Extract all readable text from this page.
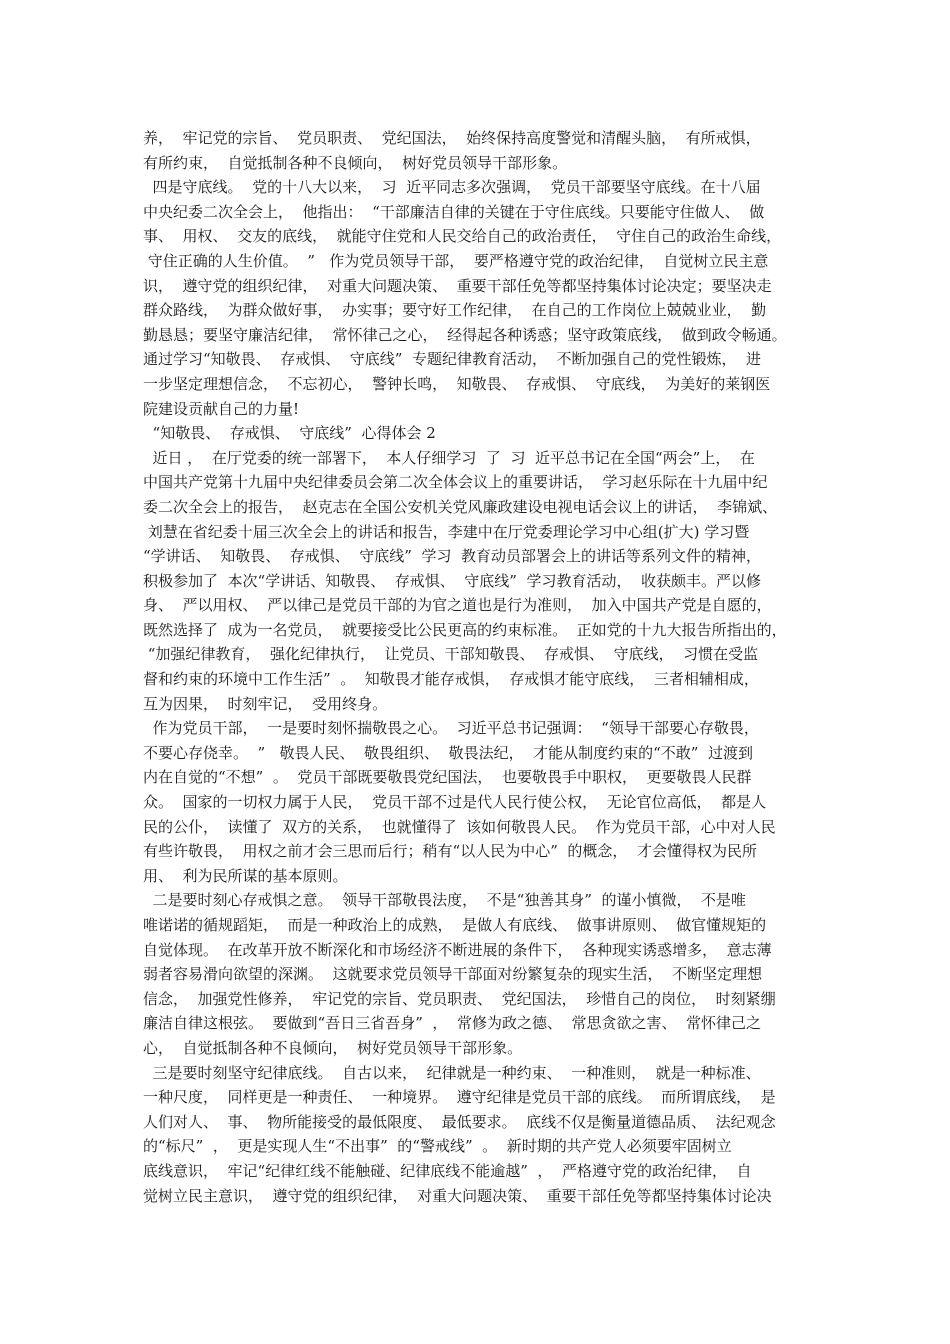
养，  牢记党的宗旨、  党员职责、  党纪国法，  始终保持高度警觉和清醒头脑，  有所戒惧，
有所约束，  自觉抵制各种不良倾向，  树好党员领导干部形象。
四是守底线。  党的十八大以来，  习  近平同志多次强调，  党员干部要坚守底线。在十八届
中央纪委二次全会上，  他指出：  “干部廉洁自律的关键在于守住底线。只要能守住做人、  做
事、  用权、  交友的底线，  就能守住党和人民交给自己的政治责任，  守住自己的政治生命线，
守住正确的人生价值。  ”   作为党员领导干部，  要严格遵守党的政治纪律，  自觉树立民主意
识，  遵守党的组织纪律，  对重大问题决策、  重要干部任免等都坚持集体讨论决定；要坚决走
群众路线，  为群众做好事，  办实事；要守好工作纪律，  在自己的工作岗位上兢兢业业，  勤
勤恳恳；要坚守廉洁纪律，  常怀律己之心，  经得起各种诱惑；坚守政策底线，  做到政令畅通。
通过学习“知敬畏、  存戒惧、  守底线”  专题纪律教育活动，  不断加强自己的党性锻炼，  进
一步坚定理想信念，  不忘初心，  警钟长鸣，  知敬畏、  存戒惧、  守底线，  为美好的莱钢医
院建设贡献自己的力量!
“知敬畏、  存戒惧、  守底线”  心得体会 2
近日 ，  在厅党委的统一部署下，  本人仔细学习  了  习  近平总书记在全国“两会”上，  在
中国共产党第十九届中央纪律委员会第二次全体会议上的重要讲话，  学习赵乐际在十九届中纪
委二次全会上的报告，  赵克志在全国公安机关党风廉政建设电视电话会议上的讲话，  李锦斌、
刘慧在省纪委十届三次全会上的讲话和报告，李建中在厅党委理论学习中心组(扩大) 学习暨
“学讲话、  知敬畏、  存戒惧、  守底线”  学习  教育动员部署会上的讲话等系列文件的精神，
积极参加了  本次“学讲话、知敬畏、  存戒惧、  守底线”  学习教育活动，  收获颇丰。严以修
身、  严以用权、  严以律己是党员干部的为官之道也是行为准则，  加入中国共产党是自愿的，
既然选择了  成为一名党员，  就要接受比公民更高的约束标准。  正如党的十九大报告所指出的，
“加强纪律教育，  强化纪律执行，  让党员、干部知敬畏、  存戒惧、  守底线，  习惯在受监
督和约束的环境中工作生活”  。  知敬畏才能存戒惧，  存戒惧才能守底线，  三者相辅相成，
互为因果，  时刻牢记，  受用终身。
作为党员干部，  一是要时刻怀揣敬畏之心。  习近平总书记强调：  “领导干部要心存敬畏，
不要心存侥幸。  ”   敬畏人民、  敬畏组织、  敬畏法纪，  才能从制度约束的“不敢”  过渡到
内在自觉的“不想”  。  党员干部既要敬畏党纪国法，  也要敬畏手中职权，  更要敬畏人民群
众。  国家的一切权力属于人民，  党员干部不过是代人民行使公权，  无论官位高低，  都是人
民的公仆，  读懂了  双方的关系，  也就懂得了  该如何敬畏人民。  作为党员干部，心中对人民
有些许敬畏，  用权之前才会三思而后行；稍有“以人民为中心”  的概念，  才会懂得权为民所
用、  利为民所谋的基本原则。
二是要时刻心存戒惧之意。  领导干部敬畏法度，  不是“独善其身”  的谨小慎微，  不是唯
唯诺诺的循规蹈矩，  而是一种政治上的成熟，  是做人有底线、  做事讲原则、  做官懂规矩的
自觉体现。  在改革开放不断深化和市场经济不断进展的条件下，  各种现实诱惑增多，  意志薄
弱者容易滑向欲望的深渊。  这就要求党员领导干部面对纷繁复杂的现实生活，  不断坚定理想
信念，  加强党性修养，  牢记党的宗旨、党员职责、  党纪国法，  珍惜自己的岗位，  时刻紧绷
廉洁自律这根弦。  要做到“吾日三省吾身”  ，  常修为政之德、  常思贪欲之害、  常怀律己之
心，  自觉抵制各种不良倾向，  树好党员领导干部形象。
三是要时刻坚守纪律底线。  自古以来，  纪律就是一种约束、  一种准则，  就是一种标准、
一种尺度，  同样更是一种责任、  一种境界。  遵守纪律是党员干部的底线。  而所谓底线，  是
人们对人、  事、  物所能接受的最低限度、  最低要求。  底线不仅是衡量道德品质、  法纪观念
的“标尺”  ，  更是实现人生“不出事”  的“警戒线”  。  新时期的共产党人必须要牢固树立
底线意识，  牢记“纪律红线不能触碰、纪律底线不能逾越”  ，  严格遵守党的政治纪律，  自
觉树立民主意识，  遵守党的组织纪律，  对重大问题决策、  重要干部任免等都坚持集体讨论决
